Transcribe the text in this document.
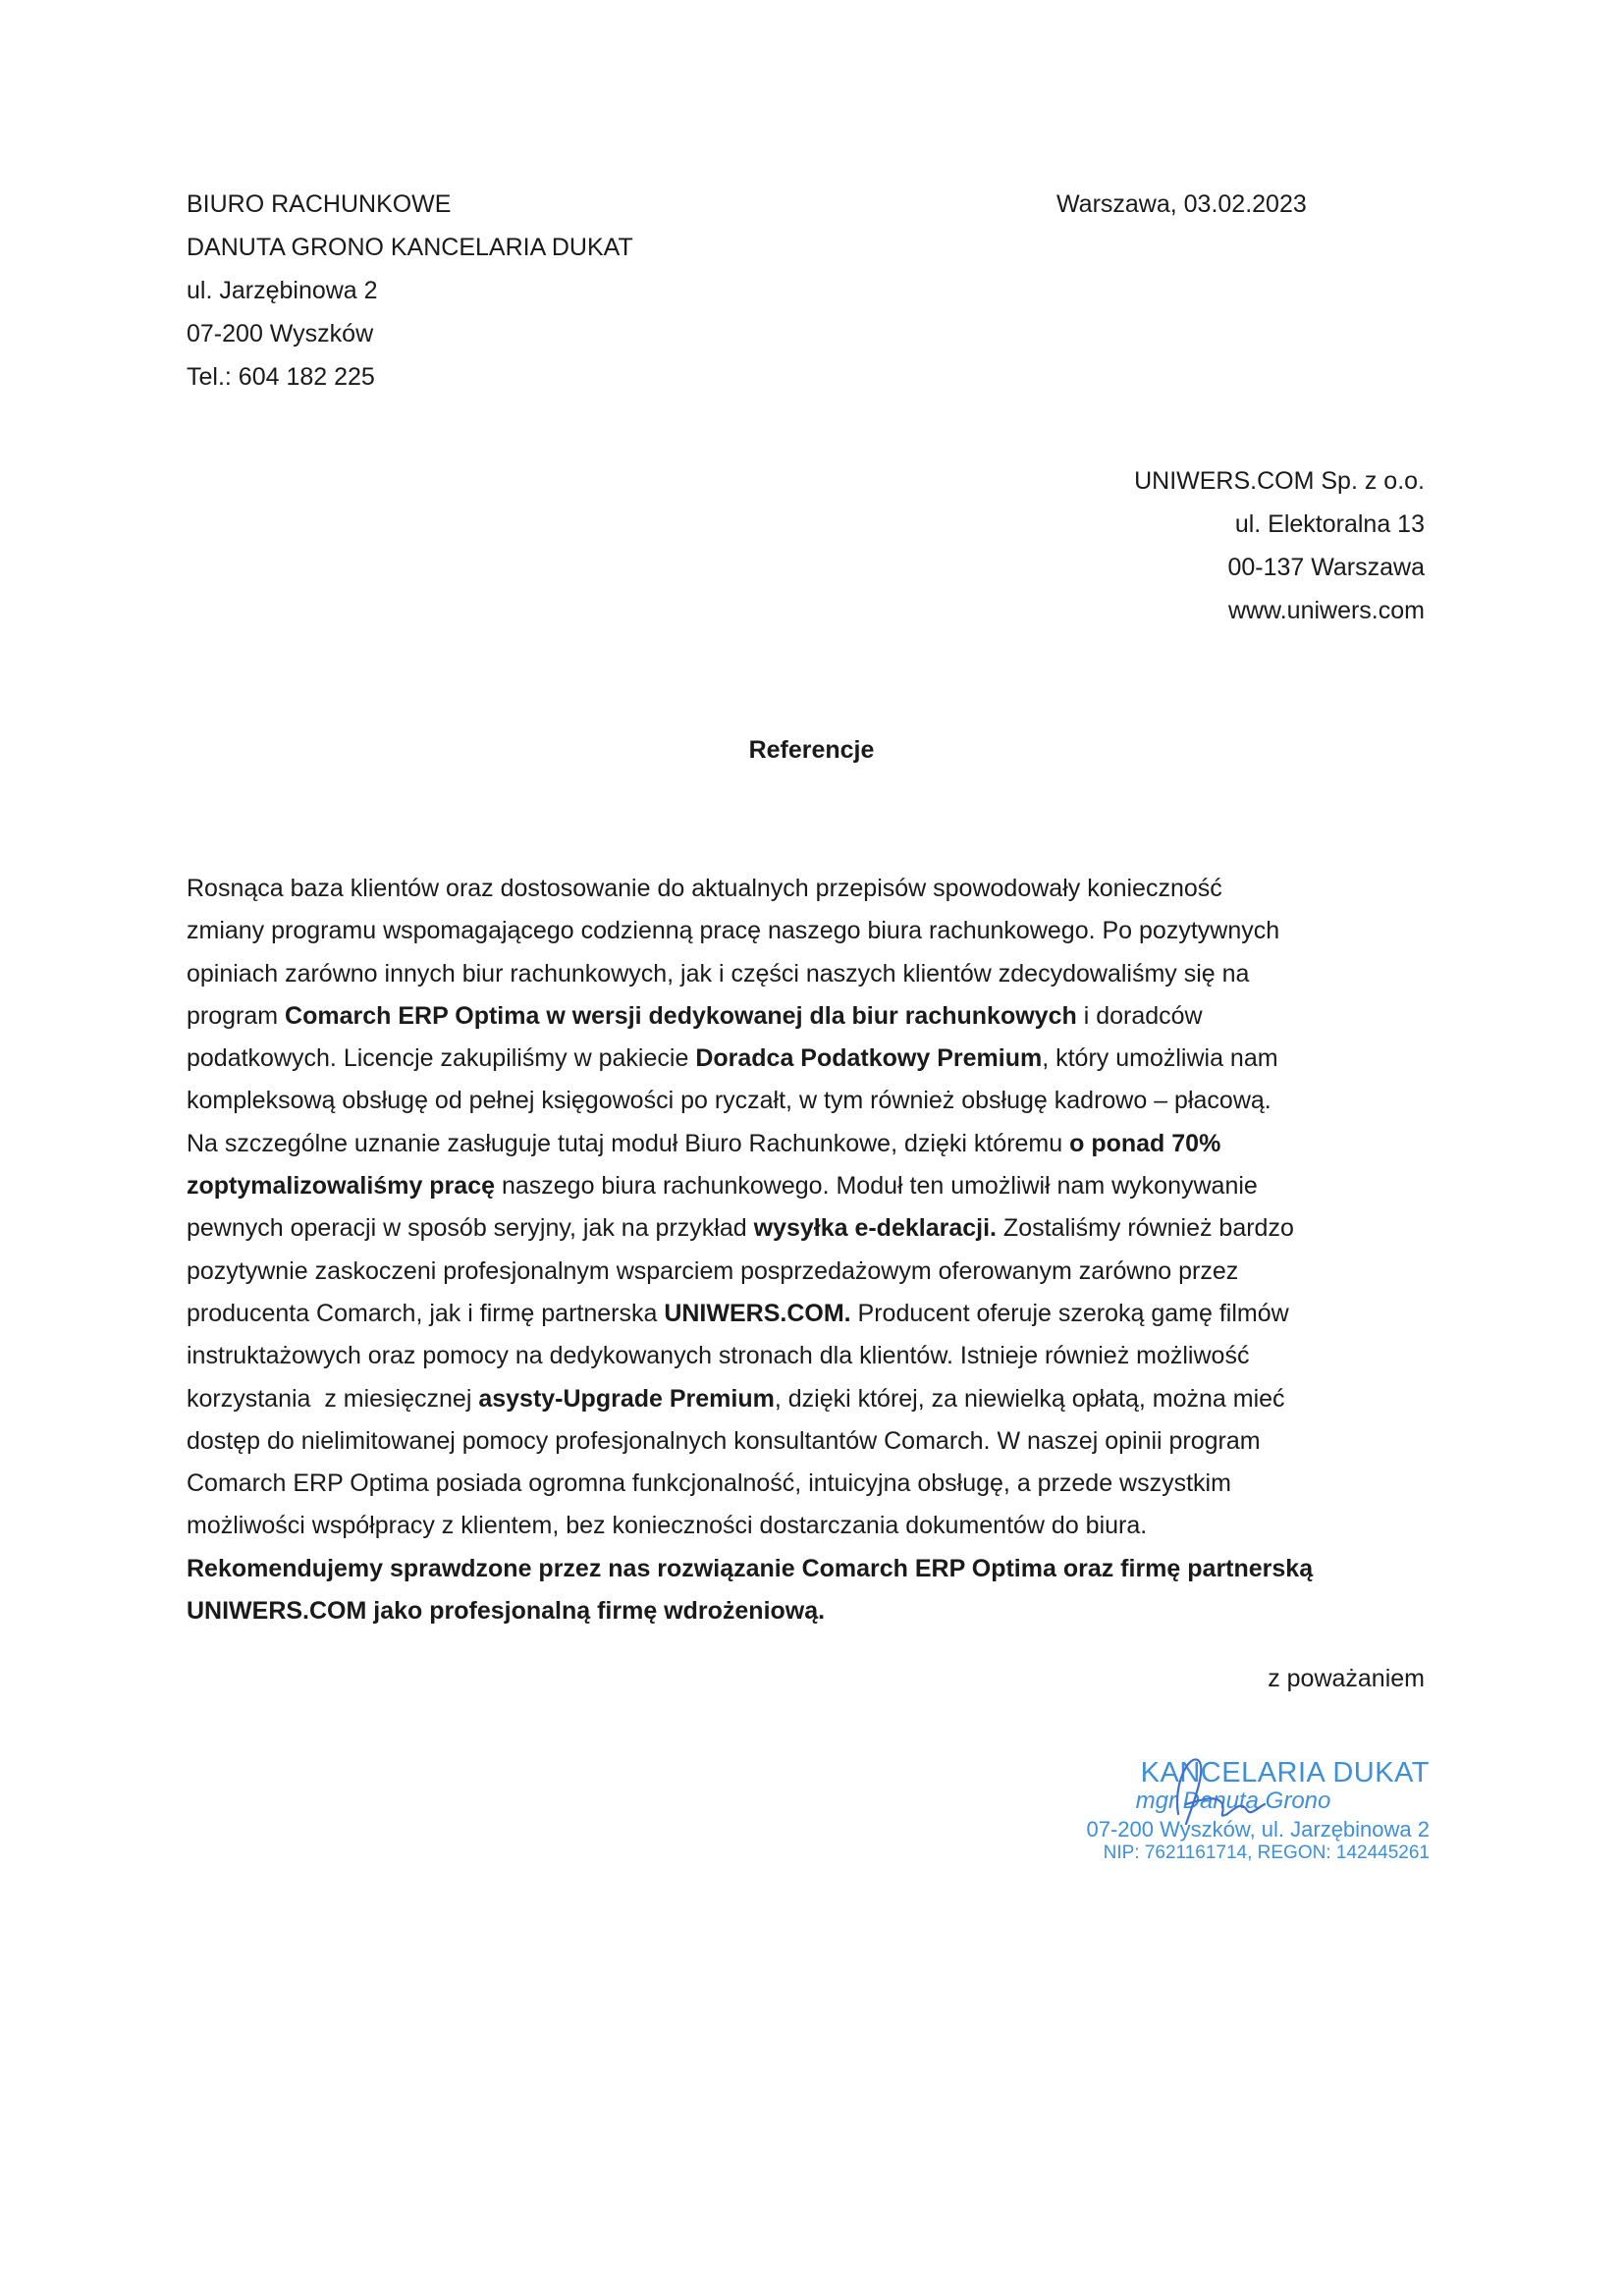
BIURO RACHUNKOWE
DANUTA GRONO KANCELARIA DUKAT
ul. Jarzębinowa 2
07-200 Wyszków
Tel.: 604 182 225
Warszawa, 03.02.2023
UNIWERS.COM Sp. z o.o.
ul. Elektoralna 13
00-137 Warszawa
www.uniwers.com
Referencje
Rosnąca baza klientów oraz dostosowanie do aktualnych przepisów spowodowały konieczność
zmiany programu wspomagającego codzienną pracę naszego biura rachunkowego. Po pozytywnych
opiniach zarówno innych biur rachunkowych, jak i części naszych klientów zdecydowaliśmy się na
program Comarch ERP Optima w wersji dedykowanej dla biur rachunkowych i doradców
podatkowych. Licencje zakupiliśmy w pakiecie Doradca Podatkowy Premium, który umożliwia nam
kompleksową obsługę od pełnej księgowości po ryczałt, w tym również obsługę kadrowo – płacową.
Na szczególne uznanie zasługuje tutaj moduł Biuro Rachunkowe, dzięki któremu o ponad 70%
zoptymalizowaliśmy pracę naszego biura rachunkowego. Moduł ten umożliwił nam wykonywanie
pewnych operacji w sposób seryjny, jak na przykład wysyłka e-deklaracji. Zostaliśmy również bardzo
pozytywnie zaskoczeni profesjonalnym wsparciem posprzedażowym oferowanym zarówno przez
producenta Comarch, jak i firmę partnerska UNIWERS.COM. Producent oferuje szeroką gamę filmów
instruktażowych oraz pomocy na dedykowanych stronach dla klientów. Istnieje również możliwość
korzystania  z miesięcznej asysty-Upgrade Premium, dzięki której, za niewielką opłatą, można mieć
dostęp do nielimitowanej pomocy profesjonalnych konsultantów Comarch. W naszej opinii program
Comarch ERP Optima posiada ogromna funkcjonalność, intuicyjna obsługę, a przede wszystkim
możliwości współpracy z klientem, bez konieczności dostarczania dokumentów do biura.
Rekomendujemy sprawdzone przez nas rozwiązanie Comarch ERP Optima oraz firmę partnerską
UNIWERS.COM jako profesjonalną firmę wdrożeniową.
z poważaniem
KANCELARIA DUKAT
mgr Danuta Grono
07-200 Wyszków, ul. Jarzębinowa 2
NIP: 7621161714, REGON: 142445261
